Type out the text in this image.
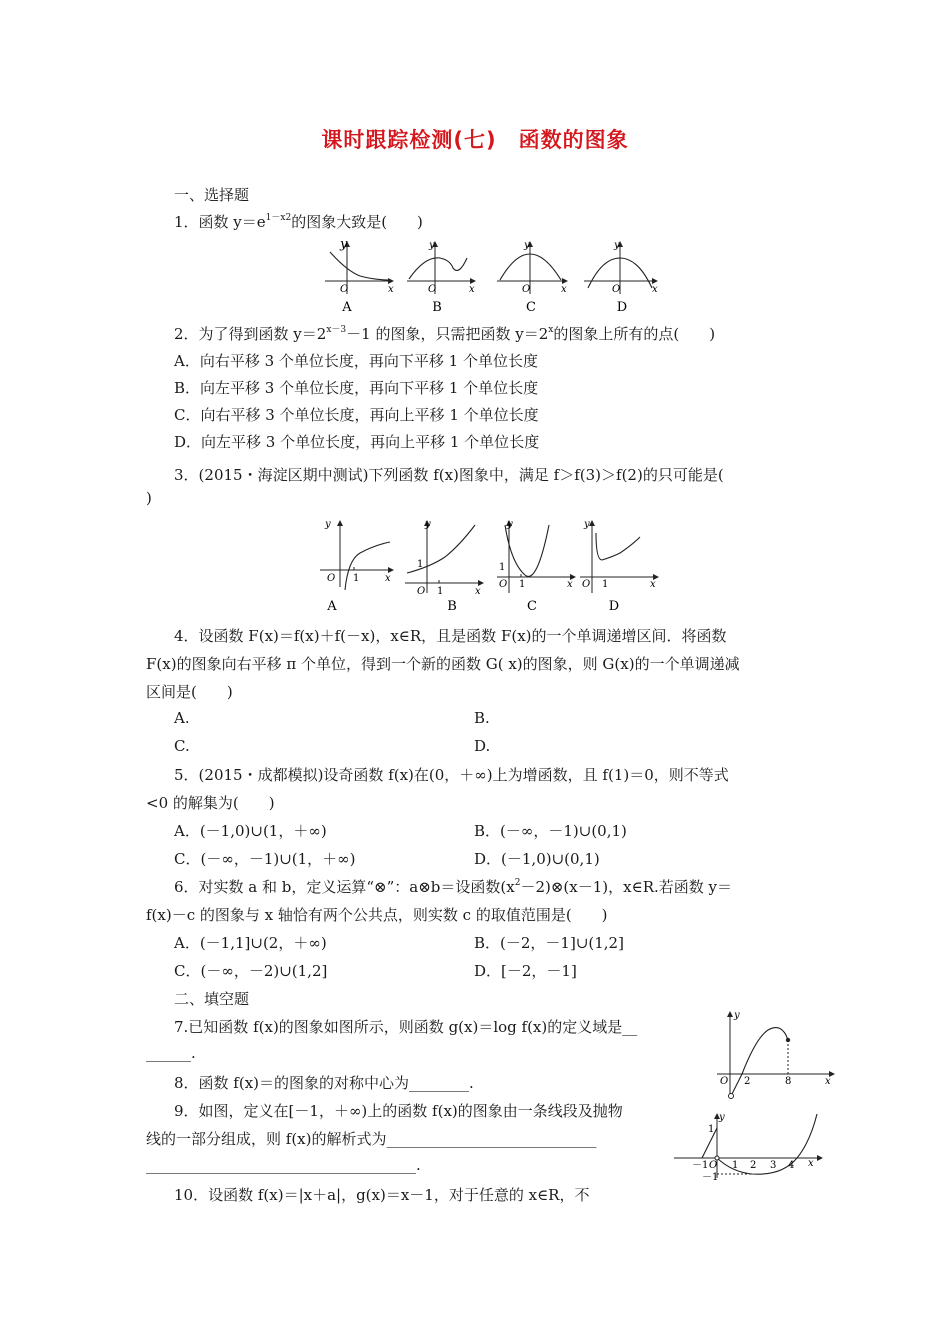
课时跟踪检测(七)　函数的图象
一、选择题
1．函数 $y=e^{1-x2}$的图象大致是(　　)
y
O	x
A
y
O	x
B
y
O	x
C
y
O	x
D
2．为了得到函数 $y=2^{x-3}-1$ 的图象，只需把函数 $y=2^x$的图象上所有的点(　　)
A．向右平移 3 个单位长度，再向下平移 1 个单位长度
B．向左平移 3 个单位长度，再向下平移 1 个单位长度
C．向右平移 3 个单位长度，再向上平移 1 个单位长度
D．向左平移 3 个单位长度，再向上平移 1 个单位长度
3．(2015・海淀区期中测试)下列函数 f(x)图象中，满足 f＞f(3)＞f(2)的只可能是(
)
y
O 1	x
A
y
1
O 1	x
B
y
1
O 1	x
C
y
O 1	x
D
4．设函数 F(x)＝f(x)＋f(－x)，x∈R，且是函数 F(x)的一个单调递增区间．将函数
F(x)的图象向右平移 π 个单位，得到一个新的函数 G( x)的图象，则 G(x)的一个单调递减
区间是(　　)
A.	B.
C.	D.
5．(2015・成都模拟)设奇函数 f(x)在(0，＋∞)上为增函数，且 f(1)＝0，则不等式
<0 的解集为(　　)
A．(－1,0)∪(1，＋∞)	B．(－∞，－1)∪(0,1)
C．(－∞，－1)∪(1，＋∞)	D．(－1,0)∪(0,1)
6．对实数 a 和 b，定义运算“⊗”：a⊗b＝设函数$(x^2-2)\otimes(x-1)$，x∈R.若函数 y＝
f(x)－c 的图象与 x 轴恰有两个公共点，则实数 c 的取值范围是(　　)
A．(－1,1]∪(2，＋∞)	B．(－2，－1]∪(1,2]
C．(－∞，－2)∪(1,2]	D．[－2，－1]
二、填空题
7.已知函数 f(x)的图象如图所示，则函数 g(x)＝log f(x)的定义域是__
______.
y
O 2	8	x
8．函数 f(x)＝的图象的对称中心为________.
9．如图，定义在[－1，＋∞)上的函数 f(x)的图象由一条线段及抛物
线的一部分组成，则 f(x)的解析式为____________________________
____________________________________.
y
1
－1 O 1 2 3 4 x
－1
10．设函数 f(x)＝|x＋a|，g(x)＝x－1，对于任意的 x∈R，不
